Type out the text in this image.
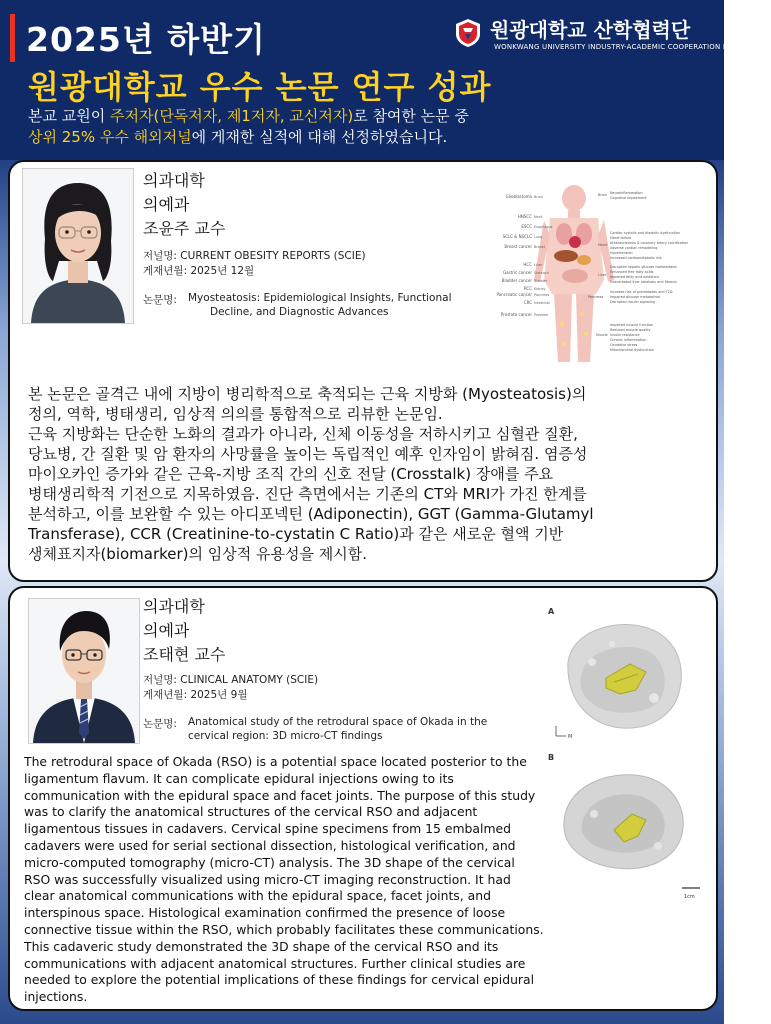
2025년 하반기	원광대학교 산학협력단
WONKWANG UNIVERSITY INDUSTRY-ACADEMIC COOPERATION FOUNDATION
원광대학교 우수 논문 연구 성과
본교 교원이 주저자(단독저자, 제1저자, 교신저자)로 참여한 논문 중
상위 25% 우수 해외저널에 게재한 실적에 대해 선정하였습니다.
의과대학
의예과
조윤주 교수
저널명: CURRENT OBESITY REPORTS (SCIE)
게재년월: 2025년 12월
논문명: Myosteatosis: Epidemiological Insights, Functional
Decline, and Diagnostic Advances
Glioblastoma
HNSCC
ESCC
SCLC & NSCLC
Breast cancer
HCC
Gastric cancer
Bladder cancer
RCC
Pancreatic cancer
CRC
Prostate cancer
Brain
Neck
Esophagus
Lung
Breast
Liver
Stomach
Bladder
Kidney
Pancreas
Intestinal
Prostate
Brain Neuroinflammation
Cognitive impairment
Heart
Cardiac systolic and diastolic dysfunction
Heart failure
Atherosclerosis & coronary artery calcification
Adverse cardiac remodeling
Hypertension
Increased cardiometabolic risk
Liver
Disrupted hepatic glucose homeostasis
Enhanced free fatty acids
Impaired fatty acid oxidation
Exacerbated liver steatosis and fibrosis
Pancreas
Increase risk of prediabetes and T2D
Impaired glucose metabolism
Disrupted insulin signaling
Muscle
Impaired muscle function
Reduced muscle quality
Insulin resistance
Chronic inflammation
Oxidative stress
Mitochondrial dysfunction
본 논문은 골격근 내에 지방이 병리학적으로 축적되는 근육 지방화 (Myosteatosis)의
정의, 역학, 병태생리, 임상적 의의를 통합적으로 리뷰한 논문임.
근육 지방화는 단순한 노화의 결과가 아니라, 신체 이동성을 저하시키고 심혈관 질환,
당뇨병, 간 질환 및 암 환자의 사망률을 높이는 독립적인 예후 인자임이 밝혀짐. 염증성
마이오카인 증가와 같은 근육-지방 조직 간의 신호 전달 (Crosstalk) 장애를 주요
병태생리학적 기전으로 지목하였음. 진단 측면에서는 기존의 CT와 MRI가 가진 한계를
분석하고, 이를 보완할 수 있는 아디포넥틴 (Adiponectin), GGT (Gamma-Glutamyl
Transferase), CCR (Creatinine-to-cystatin C Ratio)과 같은 새로운 혈액 기반
생체표지자(biomarker)의 임상적 유용성을 제시함.
의과대학
의예과
조태현 교수
저널명: CLINICAL ANATOMY (SCIE)
게재년월: 2025년 9월
논문명: Anatomical study of the retrodural space of Okada in the
cervical region: 3D micro-CT findings
A
M
B
1cm
The retrodural space of Okada (RSO) is a potential space located posterior to the
ligamentum flavum. It can complicate epidural injections owing to its
communication with the epidural space and facet joints. The purpose of this study
was to clarify the anatomical structures of the cervical RSO and adjacent
ligamentous tissues in cadavers. Cervical spine specimens from 15 embalmed
cadavers were used for serial sectional dissection, histological verification, and
micro-computed tomography (micro-CT) analysis. The 3D shape of the cervical
RSO was successfully visualized using micro-CT imaging reconstruction. It had
clear anatomical communications with the epidural space, facet joints, and
interspinous space. Histological examination confirmed the presence of loose
connective tissue within the RSO, which probably facilitates these communications.
This cadaveric study demonstrated the 3D shape of the cervical RSO and its
communications with adjacent anatomical structures. Further clinical studies are
needed to explore the potential implications of these findings for cervical epidural
injections.
